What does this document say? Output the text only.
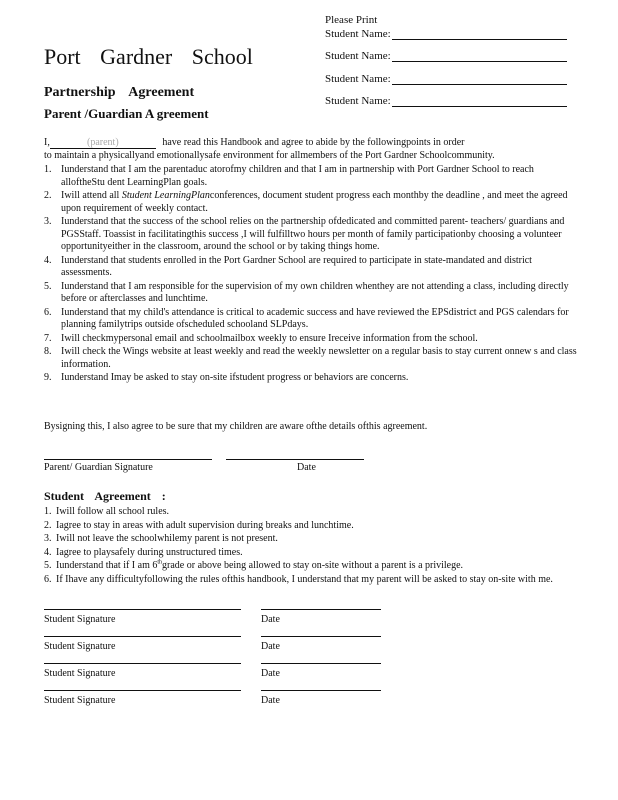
Please Print
Student Name:
Student Name:
Student Name:
Student Name:
Port Gardner School
Partnership Agreement
Parent /Guardian A greement
I,	(parent)	have read this Handbook and agree to abide by the followingpoints in order
to maintain a physicallyand emotionallysafe environment for allmembers of the Port Gardner Schoolcommunity.
1. Iunderstand that I am the parentaduc atorofmy children and that I am in partnership with Port Gardner School to reach alloftheStu dent LearningPlan goals.
2. Iwill attend all Student LearningPlanconferences, document student progress each monthby the deadline , and meet the agreed upon requirement of weekly contact.
3. Iunderstand that the success of the school relies on the partnership ofdedicated and committed parent- teachers/ guardians and PGSStaff. Toassist in facilitatingthis success ,I will fulfilltwo hours per month of family participationby choosing a volunteer opportunityeither in the classroom, around the school or by taking things home.
4. Iunderstand that students enrolled in the Port Gardner School are required to participate in state-mandated and district assessments.
5. Iunderstand that I am responsible for the supervision of my own children whenthey are not attending a class, including directly before or afterclasses and lunchtime.
6. Iunderstand that my child's attendance is critical to academic success and have reviewed the EPSdistrict and PGS calendars for planning familytrips outside ofscheduled schooland SLPdays.
7. Iwill checkmypersonal email and schoolmailbox weekly to ensure Ireceive information from the school.
8. Iwill check the Wings website at least weekly and read the weekly newsletter on a regular basis to stay current onnew s and class information.
9. Iunderstand Imay be asked to stay on-site ifstudent progress or behaviors are concerns.
Bysigning this, I also agree to be sure that my children are aware ofthe details ofthis agreement.
Parent/ Guardian Signature	Date
Student Agreement :
1. Iwill follow all school rules.
2. Iagree to stay in areas with adult supervision during breaks and lunchtime.
3. Iwill not leave the schoolwhilemy parent is not present.
4. Iagree to playsafely during unstructured times.
5. Iunderstand that if I am 6thgrade or above being allowed to stay on-site without a parent is a privilege.
6. If Ihave any difficultyfollowing the rules ofthis handbook, I understand that my parent will be asked to stay on-site with me.
Student Signature	Date
Student Signature	Date
Student Signature	Date
Student Signature	Date
